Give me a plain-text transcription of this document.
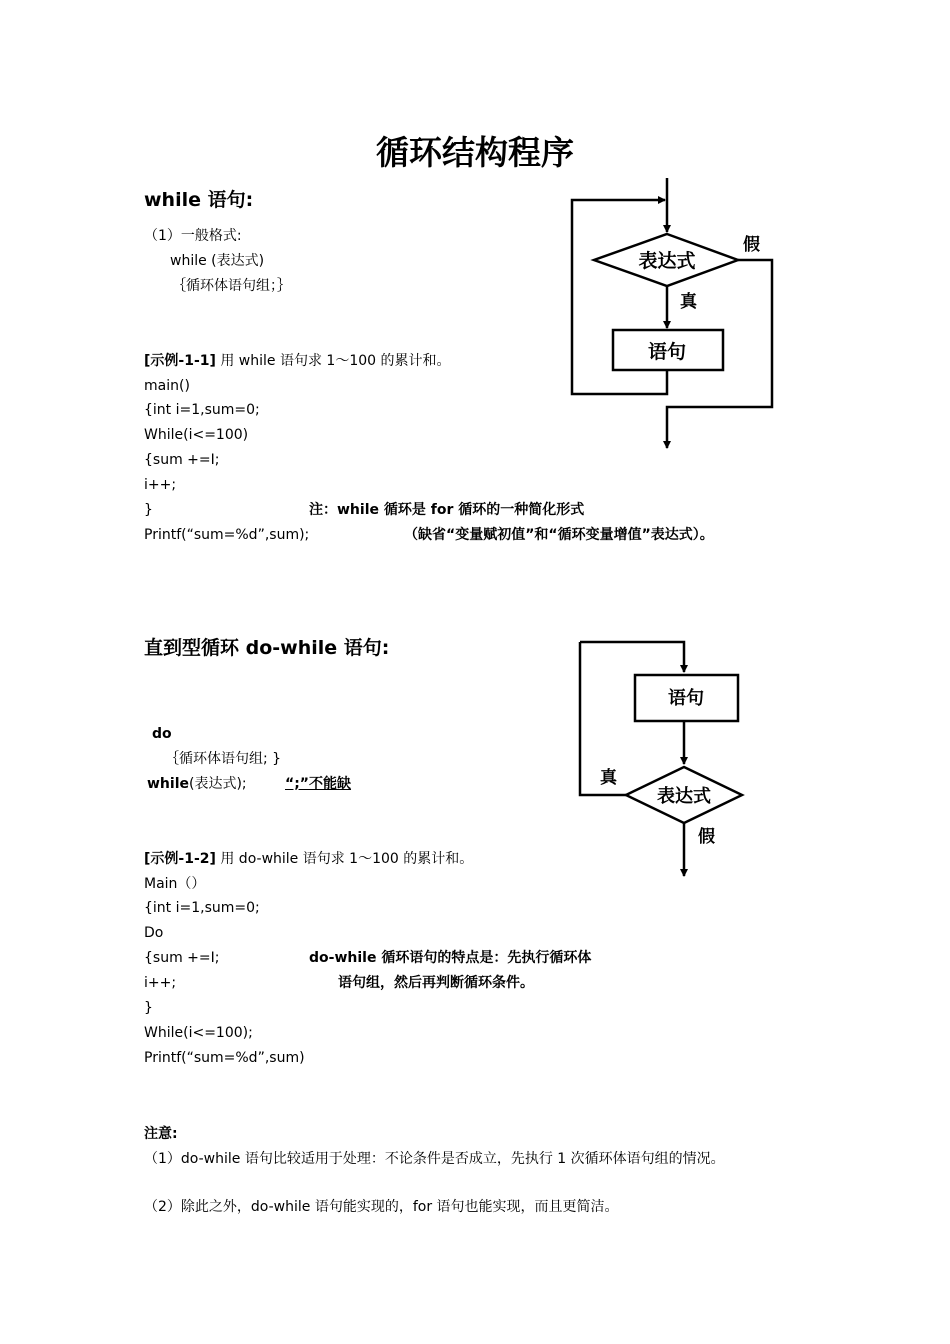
循环结构程序
while 语句:
（1）一般格式:
while (表达式)
｛循环体语句组；｝
[示例-1-1] 用 while 语句求 1～100 的累计和。
main()
{int i=1,sum=0;
While(i<=100)
{sum +=I;
i++;
}
Printf(“sum=%d”,sum);
注：while 循环是 for 循环的一种简化形式
（缺省“变量赋初值”和“循环变量增值”表达式）。
表达式
语句
真
假
直到型循环 do-while 语句:
do
｛循环体语句组; }
while(表达式);	“;”不能缺
[示例-1-2] 用 do-while 语句求 1～100 的累计和。
Main（）
{int i=1,sum=0;
Do
{sum +=I;
i++;
}
While(i<=100);
Printf(“sum=%d”,sum)
do-while 循环语句的特点是：先执行循环体
语句组，然后再判断循环条件。
语句
表达式
真
假
注意:
（1）do-while 语句比较适用于处理：不论条件是否成立，先执行 1 次循环体语句组的情况。
（2）除此之外，do-while 语句能实现的，for 语句也能实现，而且更简洁。
